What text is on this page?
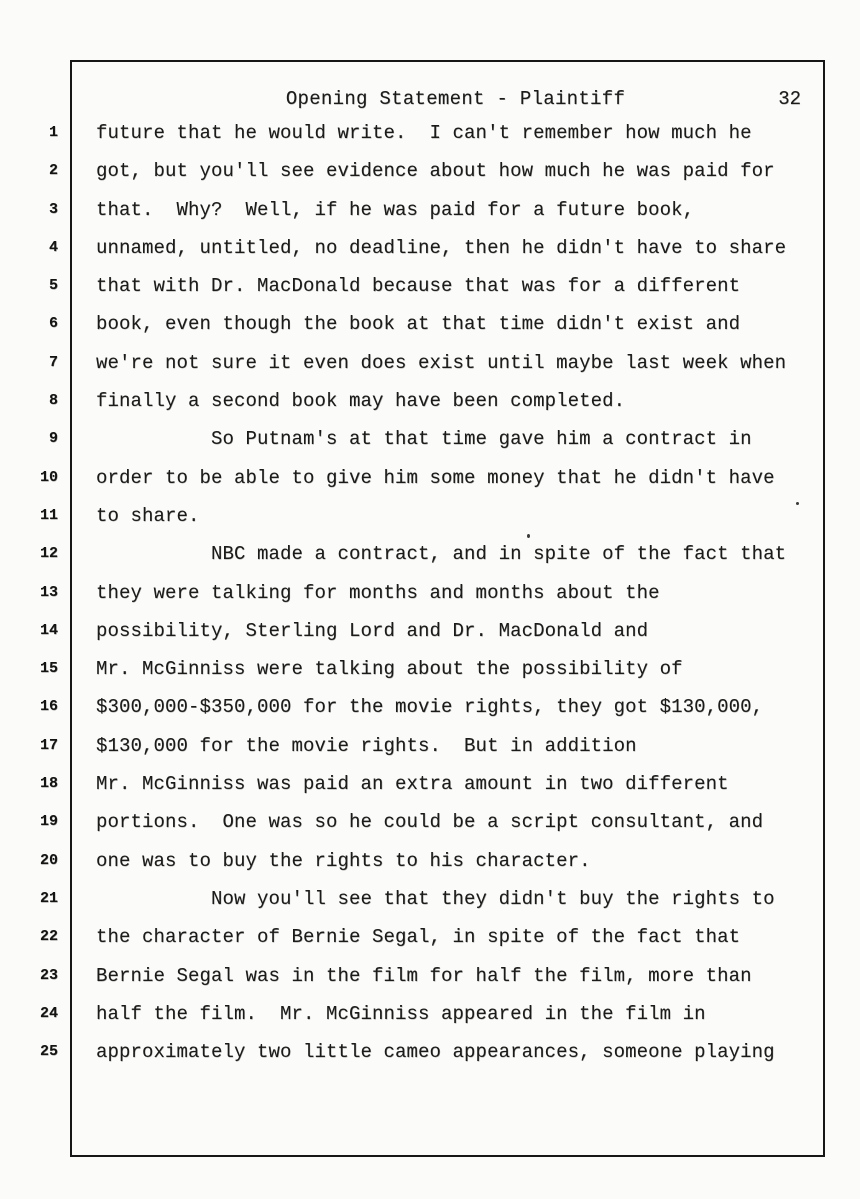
Opening Statement - Plaintiff	32
1 future that he would write.  I can't remember how much he
2 got, but you'll see evidence about how much he was paid for
3 that.  Why?  Well, if he was paid for a future book,
4 unnamed, untitled, no deadline, then he didn't have to share
5 that with Dr. MacDonald because that was for a different
6 book, even though the book at that time didn't exist and
7 we're not sure it even does exist until maybe last week when
8 finally a second book may have been completed.
9 So Putnam's at that time gave him a contract in
10 order to be able to give him some money that he didn't have
11 to share.
12 NBC made a contract, and in spite of the fact that
13 they were talking for months and months about the
14 possibility, Sterling Lord and Dr. MacDonald and
15 Mr. McGinniss were talking about the possibility of
16 $300,000-$350,000 for the movie rights, they got $130,000,
17 $130,000 for the movie rights.  But in addition
18 Mr. McGinniss was paid an extra amount in two different
19 portions.  One was so he could be a script consultant, and
20 one was to buy the rights to his character.
21 Now you'll see that they didn't buy the rights to
22 the character of Bernie Segal, in spite of the fact that
23 Bernie Segal was in the film for half the film, more than
24 half the film.  Mr. McGinniss appeared in the film in
25 approximately two little cameo appearances, someone playing
